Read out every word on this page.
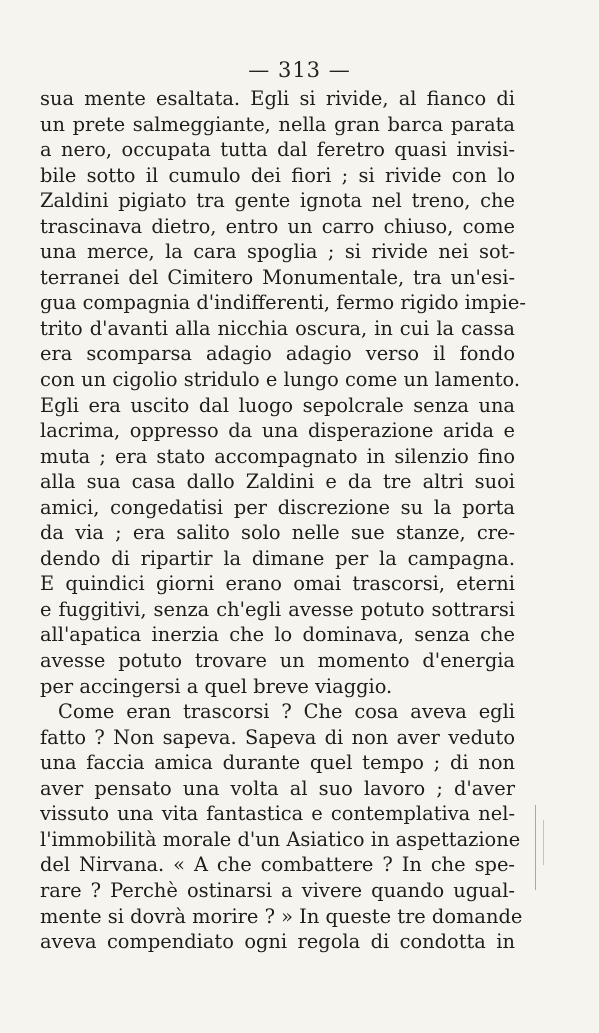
— 313 —
sua mente esaltata. Egli si rivide, al fianco di
un prete salmeggiante, nella gran barca parata
a nero, occupata tutta dal feretro quasi invisi-
bile sotto il cumulo dei fiori ; si rivide con lo
Zaldini pigiato tra gente ignota nel treno, che
trascinava dietro, entro un carro chiuso, come
una merce, la cara spoglia ; si rivide nei sot-
terranei del Cimitero Monumentale, tra un'esi-
gua compagnia d'indifferenti, fermo rigido impie-
trito d'avanti alla nicchia oscura, in cui la cassa
era scomparsa adagio adagio verso il fondo
con un cigolio stridulo e lungo come un lamento.
Egli era uscito dal luogo sepolcrale senza una
lacrima, oppresso da una disperazione arida e
muta ; era stato accompagnato in silenzio fino
alla sua casa dallo Zaldini e da tre altri suoi
amici, congedatisi per discrezione su la porta
da via ; era salito solo nelle sue stanze, cre-
dendo di ripartir la dimane per la campagna.
E quindici giorni erano omai trascorsi, eterni
e fuggitivi, senza ch'egli avesse potuto sottrarsi
all'apatica inerzia che lo dominava, senza che
avesse potuto trovare un momento d'energia
per accingersi a quel breve viaggio.
Come eran trascorsi ? Che cosa aveva egli
fatto ? Non sapeva. Sapeva di non aver veduto
una faccia amica durante quel tempo ; di non
aver pensato una volta al suo lavoro ; d'aver
vissuto una vita fantastica e contemplativa nel-
l'immobilità morale d'un Asiatico in aspettazione
del Nirvana. « A che combattere ? In che spe-
rare ? Perchè ostinarsi a vivere quando ugual-
mente si dovrà morire ? » In queste tre domande
aveva compendiato ogni regola di condotta in
